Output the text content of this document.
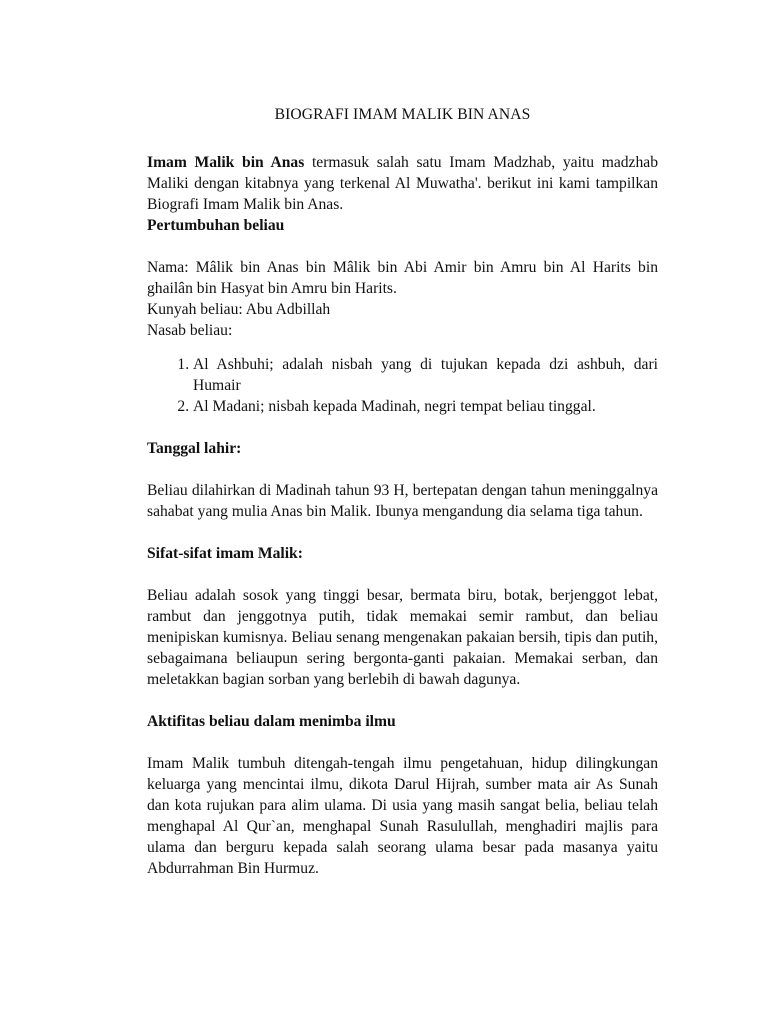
BIOGRAFI IMAM MALIK BIN ANAS

Imam Malik bin Anas termasuk salah satu Imam Madzhab, yaitu madzhab Maliki dengan kitabnya yang terkenal Al Muwatha'. berikut ini kami tampilkan Biografi Imam Malik bin Anas.

Pertumbuhan beliau

Nama: Mâlik bin Anas bin Mâlik bin Abi Amir bin Amru bin Al Harits bin ghailân bin Hasyat bin Amru bin Harits.

Kunyah beliau: Abu Adbillah

Nasab beliau:

1. Al Ashbuhi; adalah nisbah yang di tujukan kepada dzi ashbuh, dari Humair
2. Al Madani; nisbah kepada Madinah, negri tempat beliau tinggal.

Tanggal lahir:

Beliau dilahirkan di Madinah tahun 93 H, bertepatan dengan tahun meninggalnya sahabat yang mulia Anas bin Malik. Ibunya mengandung dia selama tiga tahun.

Sifat-sifat imam Malik:

Beliau adalah sosok yang tinggi besar, bermata biru, botak, berjenggot lebat, rambut dan jenggotnya putih, tidak memakai semir rambut, dan beliau menipiskan kumisnya. Beliau senang mengenakan pakaian bersih, tipis dan putih, sebagaimana beliaupun sering bergonta-ganti pakaian. Memakai serban, dan meletakkan bagian sorban yang berlebih di bawah dagunya.

Aktifitas beliau dalam menimba ilmu

Imam Malik tumbuh ditengah-tengah ilmu pengetahuan, hidup dilingkungan keluarga yang mencintai ilmu, dikota Darul Hijrah, sumber mata air As Sunah dan kota rujukan para alim ulama. Di usia yang masih sangat belia, beliau telah menghapal Al Qur`an, menghapal Sunah Rasulullah, menghadiri majlis para ulama dan berguru kepada salah seorang ulama besar pada masanya yaitu Abdurrahman Bin Hurmuz.
